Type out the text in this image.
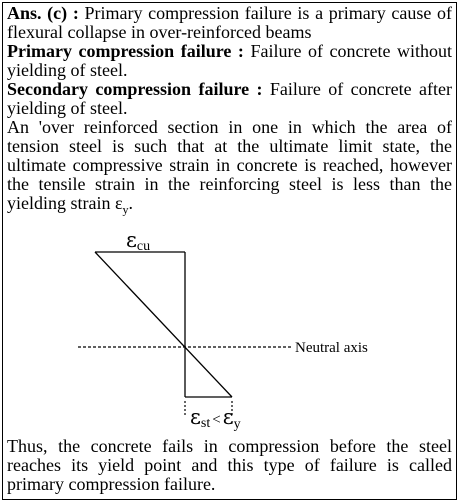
Ans. (c) : Primary compression failure is a primary cause of flexural collapse in over-reinforced beams

Primary compression failure : Failure of concrete without yielding of steel.

Secondary compression failure : Failure of concrete after yielding of steel.

An 'over reinforced section in one in which the area of tension steel is such that at the ultimate limit state, the ultimate compressive strain in concrete is reached, however the tensile strain in the reinforcing steel is less than the yielding strain $\varepsilon_y$.

Neutral axis
εcu
εst <εy

Thus, the concrete fails in compression before the steel reaches its yield point and this type of failure is called primary compression failure.
